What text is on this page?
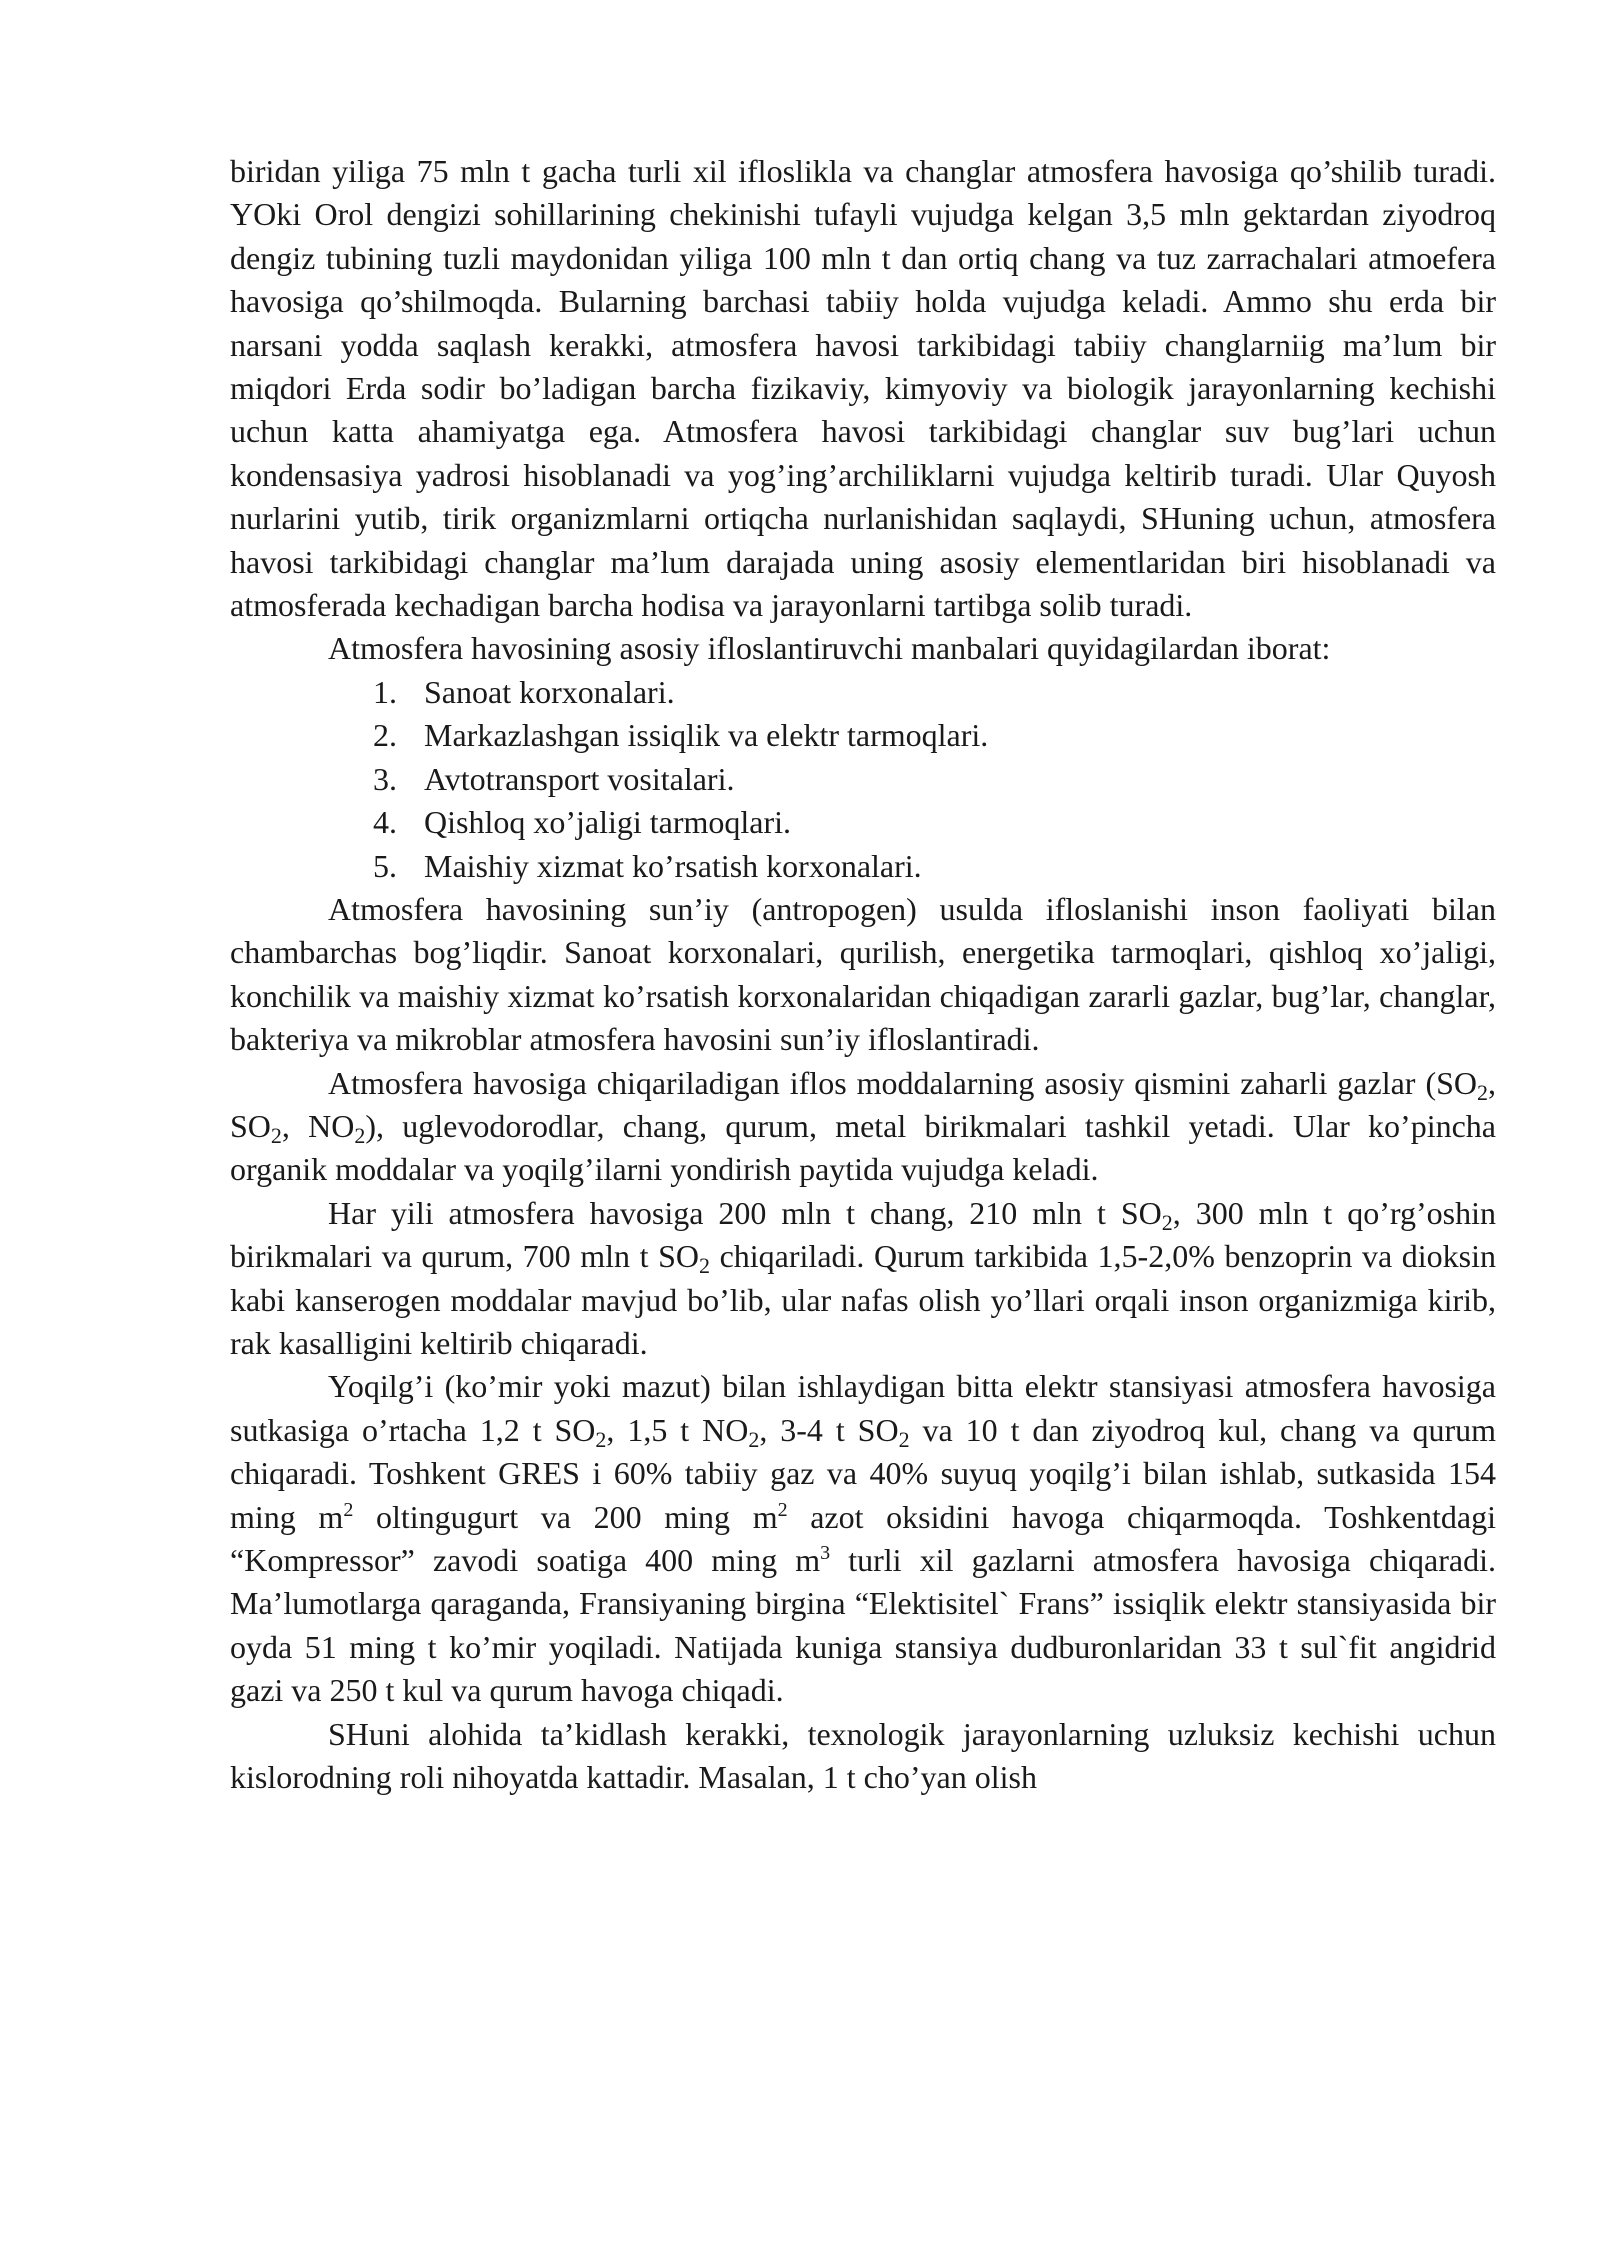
biridan yiliga 75 mln t gacha turli xil ifloslikla va changlar atmosfera havosiga qo’shilib turadi. YOki Orol dengizi sohillarining chekinishi tufayli vujudga kelgan 3,5 mln gektardan ziyodroq dengiz tubining tuzli maydonidan yiliga 100 mln t dan ortiq chang va tuz zarrachalari atmoefera havosiga qo’shilmoqda. Bularning barchasi tabiiy holda vujudga keladi. Ammo shu erda bir narsani yodda saqlash kerakki, atmosfera havosi tarkibidagi tabiiy changlarniig ma’lum bir miqdori Erda sodir bo’ladigan barcha fizikaviy, kimyoviy va biologik jarayonlarning kechishi uchun katta ahamiyatga ega. Atmosfera havosi tarkibidagi changlar suv bug’lari uchun kondensasiya yadrosi hisoblanadi va yog’ing’archiliklarni vujudga keltirib turadi. Ular Quyosh nurlarini yutib, tirik organizmlarni ortiqcha nurlanishidan saqlaydi, SHuning uchun, atmosfera havosi tarkibidagi changlar ma’lum darajada uning asosiy elementlaridan biri hisoblanadi va atmosferada kechadigan barcha hodisa va jarayonlarni tartibga solib turadi.

Atmosfera havosining asosiy ifloslantiruvchi manbalari quyidagilardan iborat:

1. Sanoat korxonalari.
2. Markazlashgan issiqlik va elektr tarmoqlari.
3. Avtotransport vositalari.
4. Qishloq xo’jaligi tarmoqlari.
5. Maishiy xizmat ko’rsatish korxonalari.

Atmosfera havosining sun’iy (antropogen) usulda ifloslanishi inson faoliyati bilan chambarchas bog’liqdir. Sanoat korxonalari, qurilish, energetika tarmoqlari, qishloq xo’jaligi, konchilik va maishiy xizmat ko’rsatish korxonalaridan chiqadigan zararli gazlar, bug’lar, changlar, bakteriya va mikroblar atmosfera havosini sun’iy ifloslantiradi.

Atmosfera havosiga chiqariladigan iflos moddalarning asosiy qismini zaharli gazlar ($SO_2$, $SO_2$, $NO_2$), uglevodorodlar, chang, qurum, metal birikmalari tashkil yetadi. Ular ko’pincha organik moddalar va yoqilg’ilarni yondirish paytida vujudga keladi.

Har yili atmosfera havosiga 200 mln t chang, 210 mln t $SO_2$, 300 mln t qo’rg’oshin birikmalari va qurum, 700 mln t $SO_2$ chiqariladi. Qurum tarkibida 1,5-2,0% benzoprin va dioksin kabi kanserogen moddalar mavjud bo’lib, ular nafas olish yo’llari orqali inson organizmiga kirib, rak kasalligini keltirib chiqaradi.

Yoqilg’i (ko’mir yoki mazut) bilan ishlaydigan bitta elektr stansiyasi atmosfera havosiga sutkasiga o’rtacha 1,2 t $SO_2$, 1,5 t $NO_2$, 3-4 t $SO_2$ va 10 t dan ziyodroq kul, chang va qurum chiqaradi. Toshkent GRES i 60% tabiiy gaz va 40% suyuq yoqilg’i bilan ishlab, sutkasida 154 ming $m^2$ oltingugurt va 200 ming $m^2$ azot oksidini havoga chiqarmoqda. Toshkentdagi “Kompressor” zavodi soatiga 400 ming $m^3$ turli xil gazlarni atmosfera havosiga chiqaradi. Ma’lumotlarga qaraganda, Fransiyaning birgina “Elektisitel` Frans” issiqlik elektr stansiyasida bir oyda 51 ming t ko’mir yoqiladi. Natijada kuniga stansiya dudburonlaridan 33 t sul`fit angidrid gazi va 250 t kul va qurum havoga chiqadi.

SHuni alohida ta’kidlash kerakki, texnologik jarayonlarning uzluksiz kechishi uchun kislorodning roli nihoyatda kattadir. Masalan, 1 t cho’yan olish
